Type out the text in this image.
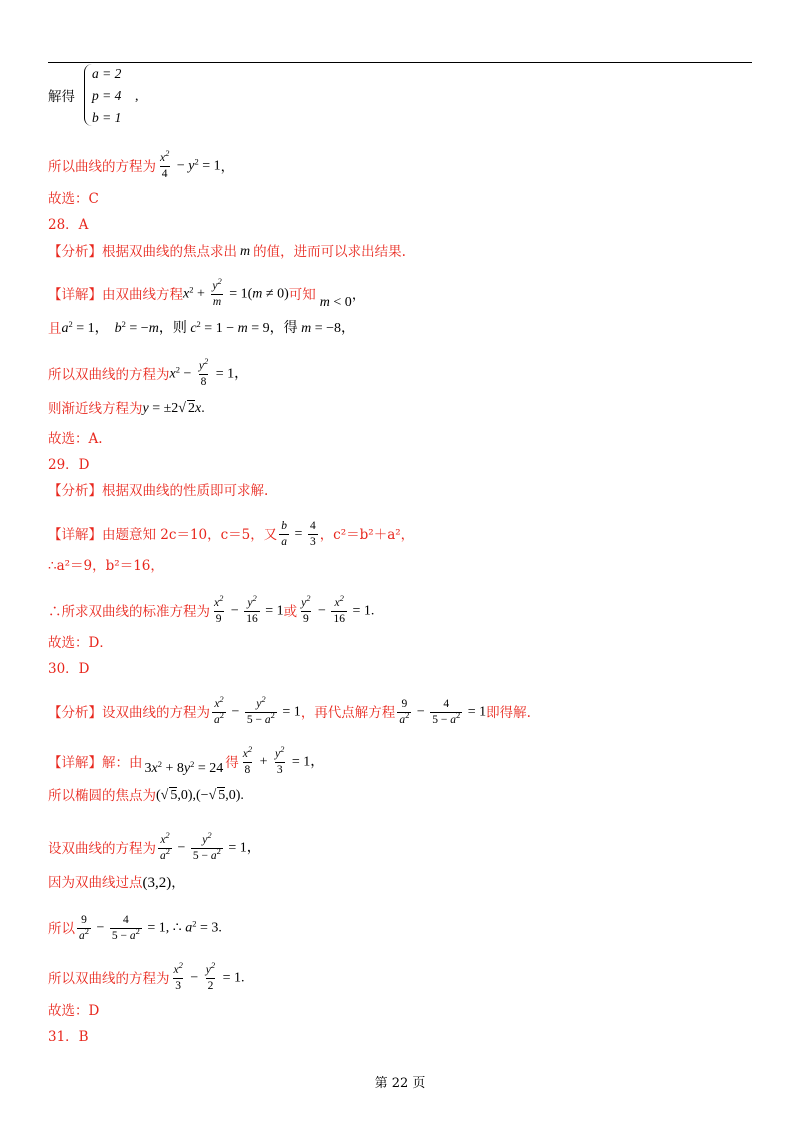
解得	,
a = 2
p = 4
b = 1
所以曲线的方程为 $\frac{x^2}{4} - y^2 = 1$ ，
故选：C
28．A
【分析】根据双曲线的焦点求出 m 的值，进而可以求出结果.
【详解】由双曲线方程 $x^2 + \frac{y^2}{m} = 1(m \ne 0)$ 可知 m < 0 ，
且 $a^2 = 1$， $b^2 = -m$，则 $c^2 = 1 - m = 9$，得 m = −8，
所以双曲线的方程为 $x^2 - \frac{y^2}{8} = 1$，
则渐近线方程为 y = ±2√ 2x.
故选：A.
29．D
【分析】根据双曲线的性质即可求解.
【详解】由题意知 2c＝10，c＝5，又 $\frac{b}{a} = \frac{4}{3}$ ，c²＝b²＋a²，
∴a²＝9，b²＝16，
∴所求双曲线的标准方程为 $\frac{x^2}{9} - \frac{y^2}{16} = 1$ 或 $\frac{y^2}{9} - \frac{x^2}{16} = 1$.
故选：D．
30．D
【分析】设双曲线的方程为 $\frac{x^2}{a^2} - \frac{y^2}{5 - a^2} = 1$ ，再代点解方程 $\frac{9}{a^2} - \frac{4}{5 - a^2} = 1$ 即得解.
【详解】解：由 $3x^2 + 8y^2 = 24$ 得 $\frac{x^2}{8} + \frac{y^2}{3} = 1$，
所以椭圆的焦点为 (√ 5,0),(−√ 5,0).
设双曲线的方程为 $\frac{x^2}{a^2} - \frac{y^2}{5 - a^2} = 1$，
因为双曲线过点 (3,2) ，
所以 $\frac{9}{a^2} - \frac{4}{5 - a^2} = 1$, ∴ $a^2 = 3$.
所以双曲线的方程为 $\frac{x^2}{3} - \frac{y^2}{2} = 1$.
故选：D
31．B
第 22 页
